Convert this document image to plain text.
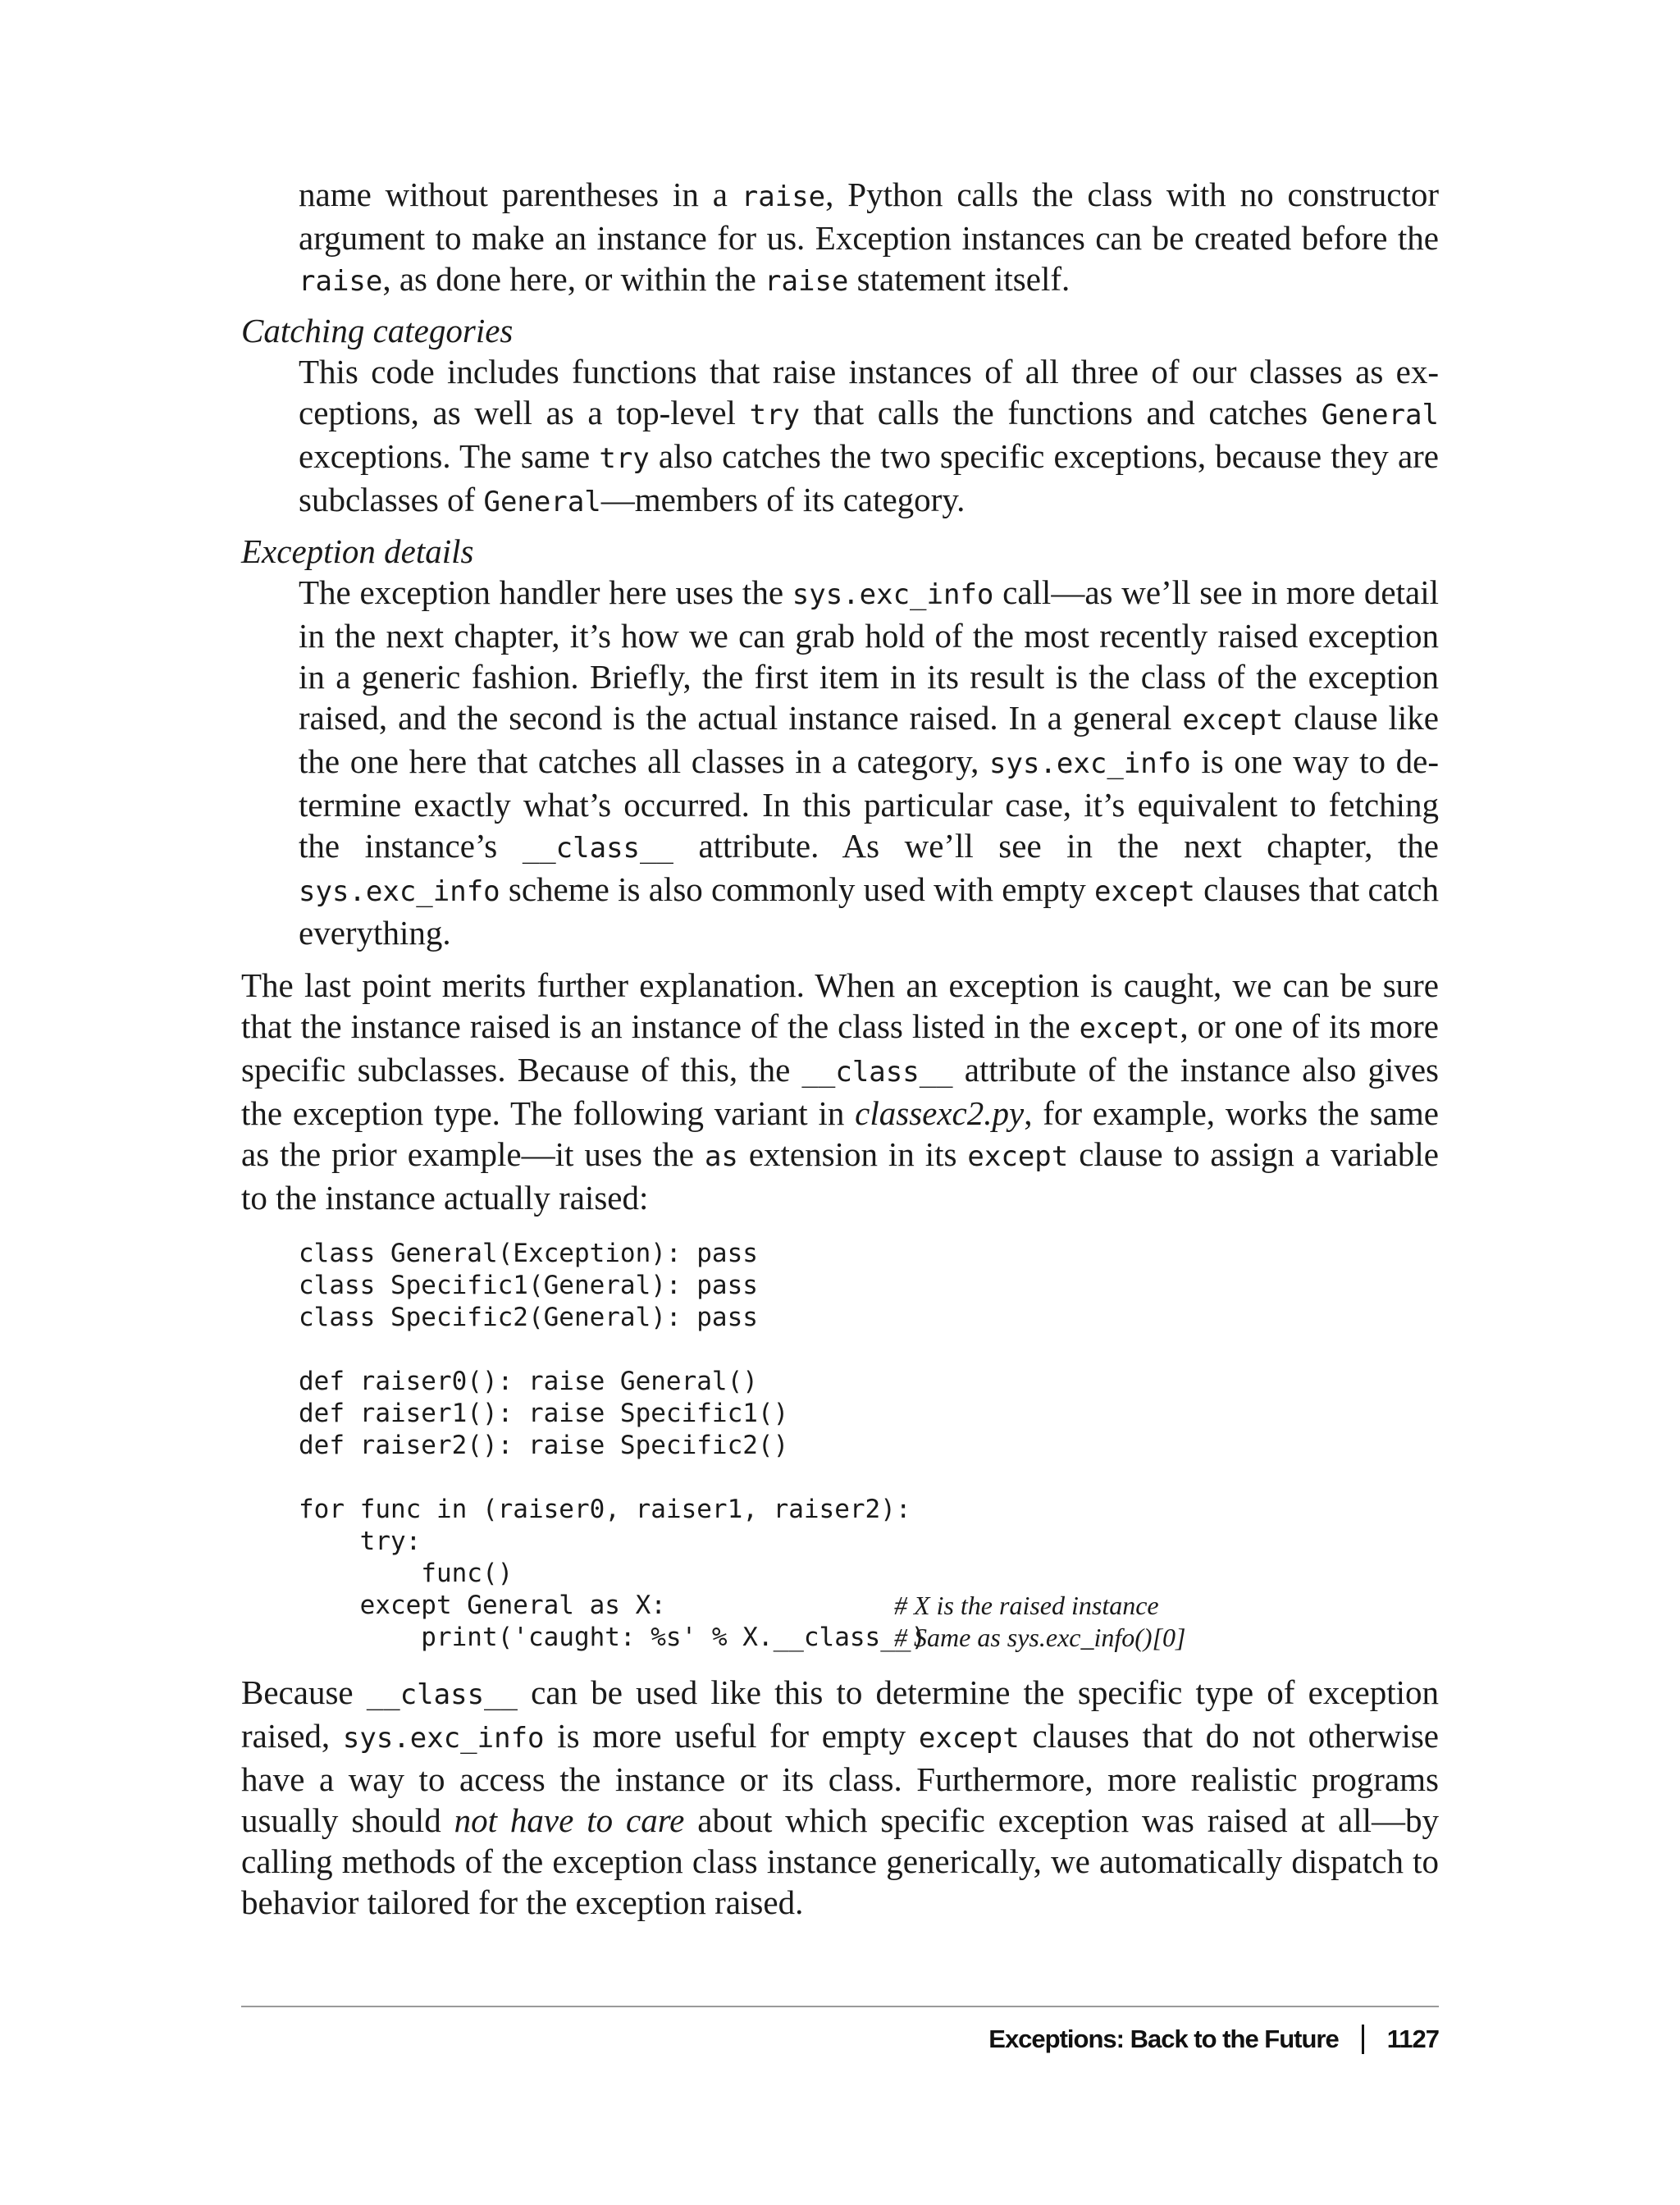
name without parentheses in a raise, Python calls the class with no constructor argument to make an instance for us. Exception instances can be created before the raise, as done here, or within the raise statement itself.

Catching categories

This code includes functions that raise instances of all three of our classes as exceptions, as well as a top-level try that calls the functions and catches General exceptions. The same try also catches the two specific exceptions, because they are subclasses of General—members of its category.

Exception details

The exception handler here uses the sys.exc_info call—as we’ll see in more detail in the next chapter, it’s how we can grab hold of the most recently raised exception in a generic fashion. Briefly, the first item in its result is the class of the exception raised, and the second is the actual instance raised. In a general except clause like the one here that catches all classes in a category, sys.exc_info is one way to determine exactly what’s occurred. In this particular case, it’s equivalent to fetching the instance’s __class__ attribute. As we’ll see in the next chapter, the sys.exc_info scheme is also commonly used with empty except clauses that catch everything.

The last point merits further explanation. When an exception is caught, we can be sure that the instance raised is an instance of the class listed in the except, or one of its more specific subclasses. Because of this, the __class__ attribute of the instance also gives the exception type. The following variant in classexc2.py, for example, works the same as the prior example—it uses the as extension in its except clause to assign a variable to the instance actually raised:

class General(Exception): pass
class Specific1(General): pass
class Specific2(General): pass
def raiser0(): raise General()
def raiser1(): raise Specific1()
def raiser2(): raise Specific2()
for func in (raiser0, raiser1, raiser2):
try:
func()
except General as X:	# X is the raised instance
print('caught: %s' % X.__class__)
# Same as sys.exc_info()[0]

Because __class__ can be used like this to determine the specific type of exception raised, sys.exc_info is more useful for empty except clauses that do not otherwise have a way to access the instance or its class. Furthermore, more realistic programs usually should not have to care about which specific exception was raised at all—by calling methods of the exception class instance generically, we automatically dispatch to behavior tailored for the exception raised.

Exceptions: Back to the Future 1127
